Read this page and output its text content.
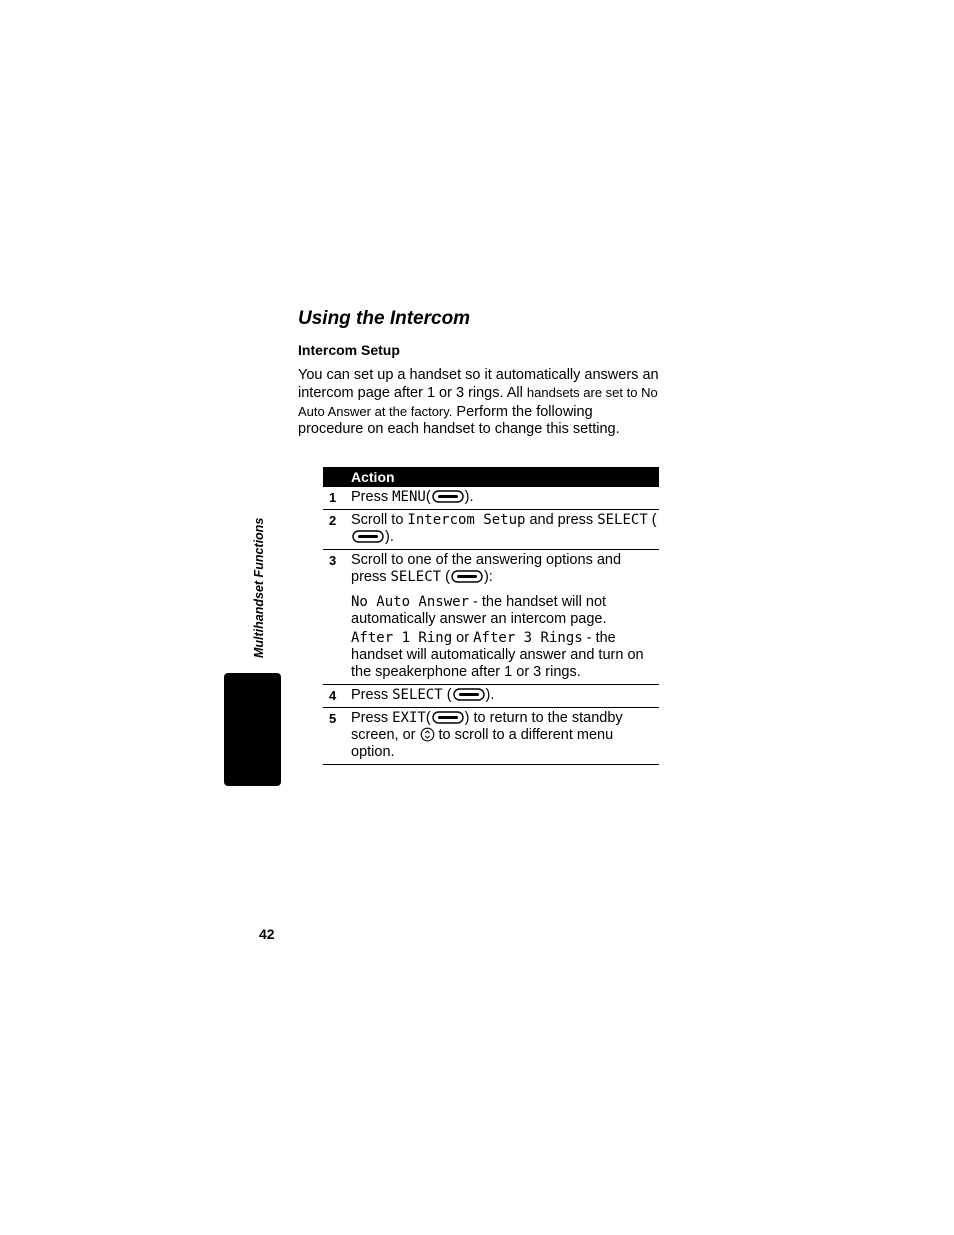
Using the Intercom
Intercom Setup

You can set up a handset so it automatically answers an intercom page after 1 or 3 rings. All handsets are set to No Auto Answer at the factory. Perform the following procedure on each handset to change this setting.

Action	
1	Press MENU( ).
2	Scroll to Intercom Setup and press SELECT ().
3	Scroll to one of the answering options and press SELECT ( ):

No Auto Answer - the handset will not automatically answer an intercom page.

After 1 Ring or After 3 Rings - the handset will automatically answer and turn on the speakerphone after 1 or 3 rings.

4	Press SELECT ( ).
5	Press EXIT( ) to return to the standby screen, or  to scroll to a different menu option.
Multihandset Functions
42
